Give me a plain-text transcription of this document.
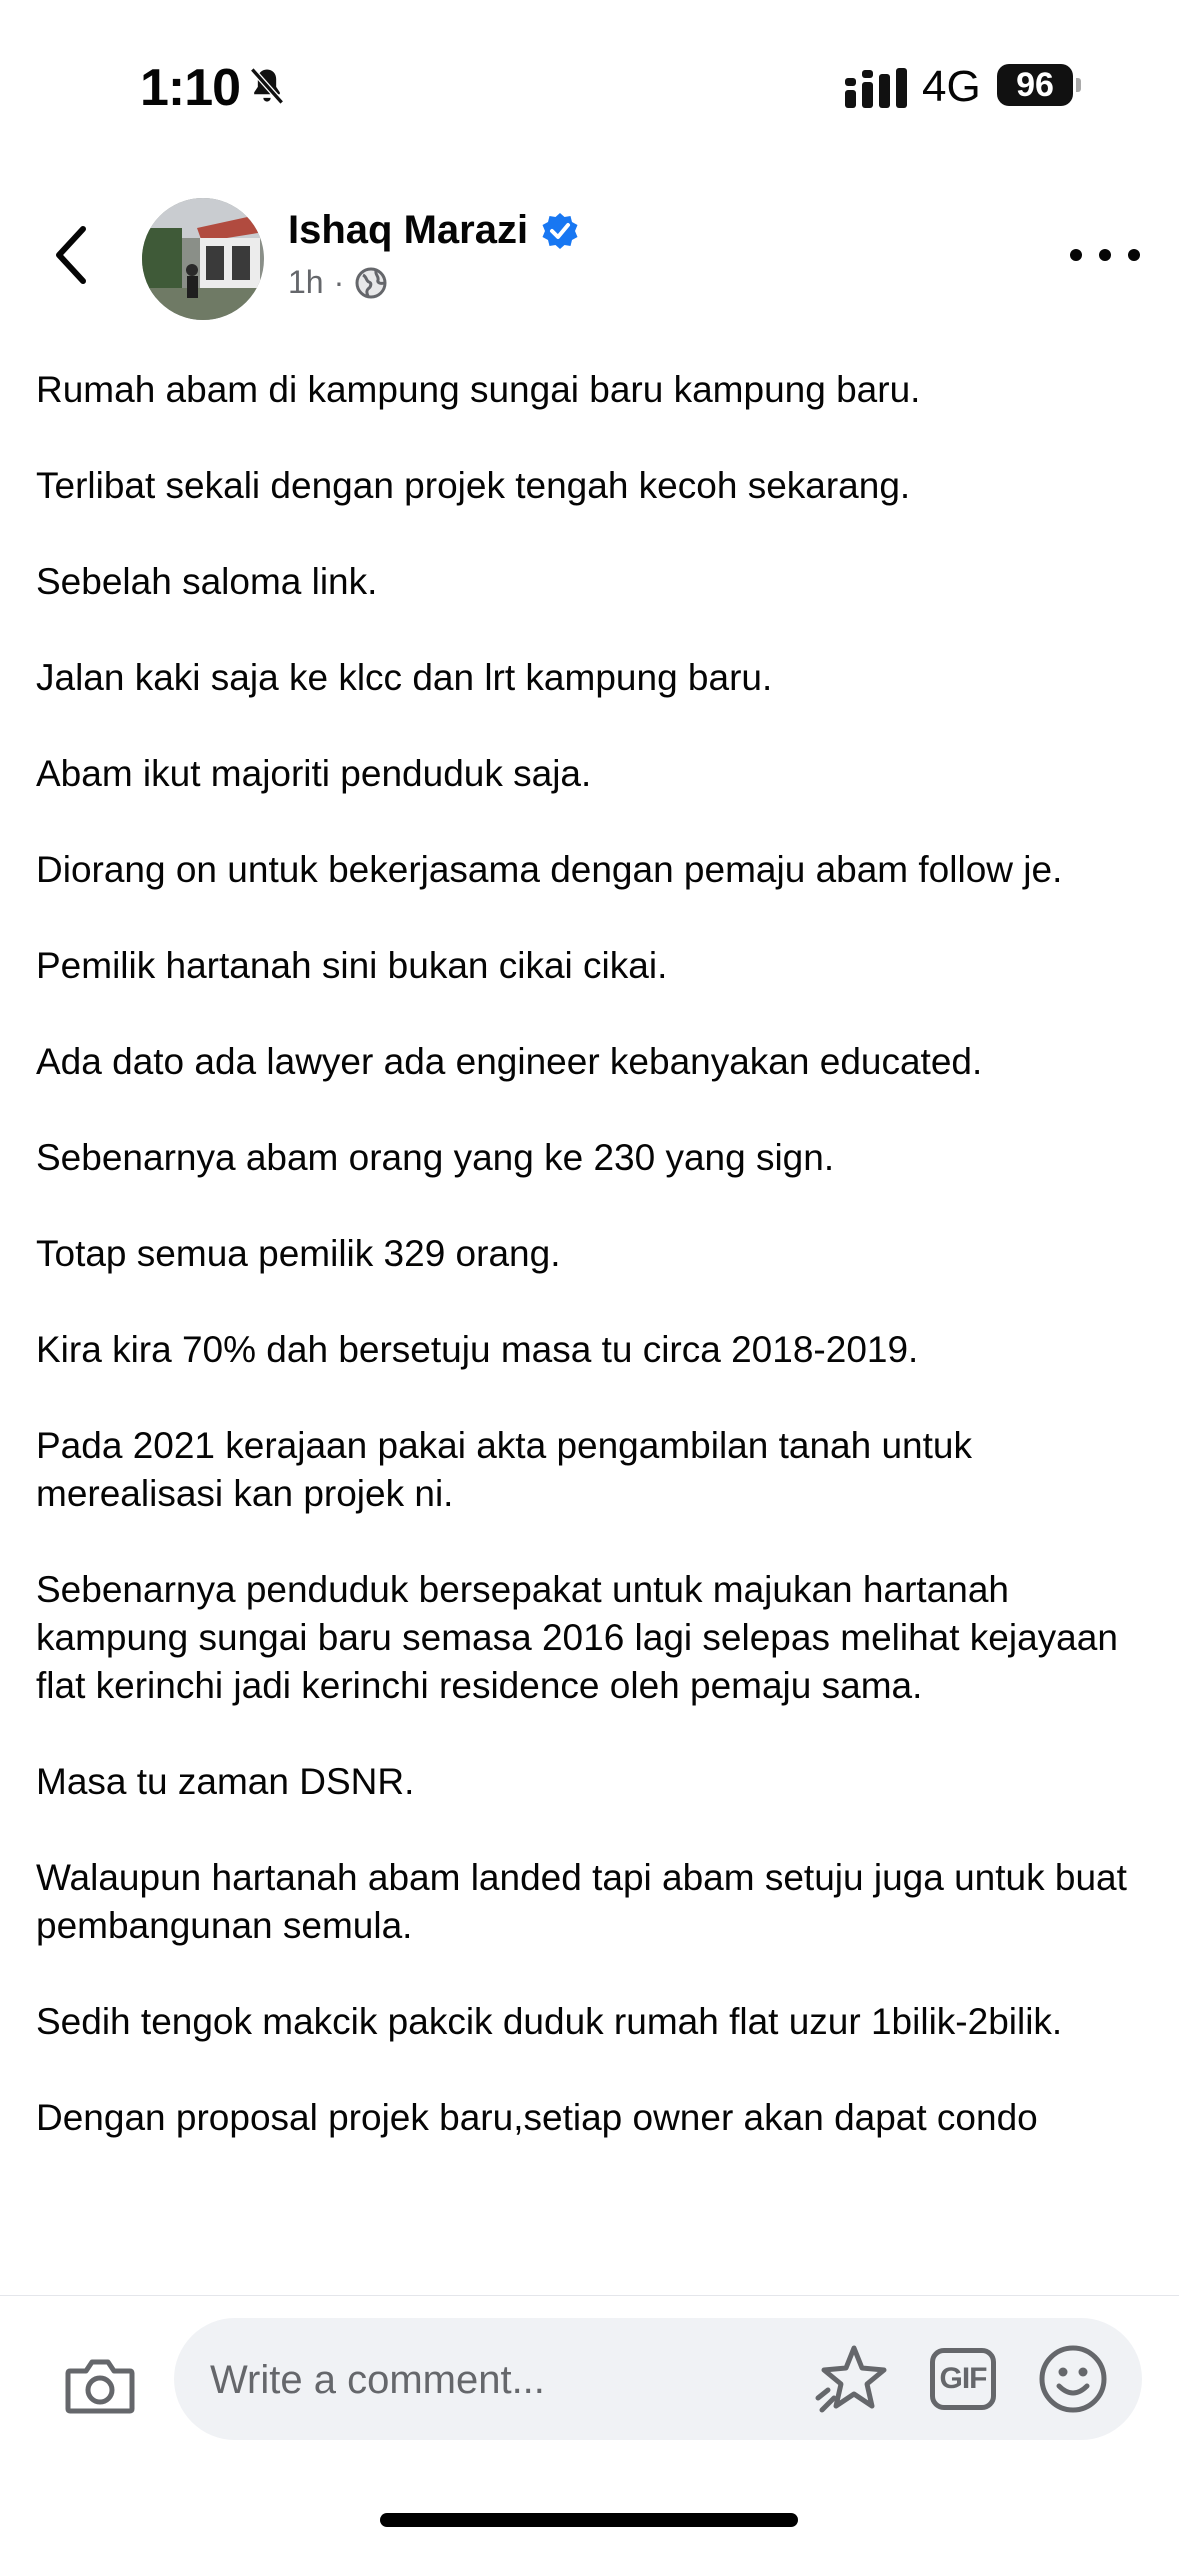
1:10	4G	96
Ishaq Marazi
1h ·

Rumah abam di kampung sungai baru kampung baru.

Terlibat sekali dengan projek tengah kecoh sekarang.

Sebelah saloma link.

Jalan kaki saja ke klcc dan lrt kampung baru.

Abam ikut majoriti penduduk saja.

Diorang on untuk bekerjasama dengan pemaju abam follow je.

Pemilik hartanah sini bukan cikai cikai.

Ada dato ada lawyer ada engineer kebanyakan educated.

Sebenarnya abam orang yang ke 230 yang sign.

Totap semua pemilik 329 orang.

Kira kira 70% dah bersetuju masa tu circa 2018-2019.

Pada 2021 kerajaan pakai akta pengambilan tanah untuk merealisasi kan projek ni.

Sebenarnya penduduk bersepakat untuk majukan hartanah kampung sungai baru semasa 2016 lagi selepas melihat kejayaan flat kerinchi jadi kerinchi residence oleh pemaju sama.

Masa tu zaman DSNR.

Walaupun hartanah abam landed tapi abam setuju juga untuk buat pembangunan semula.

Sedih tengok makcik pakcik duduk rumah flat uzur 1bilik-2bilik.

Dengan proposal projek baru,setiap owner akan dapat condo

Write a comment...	GIF
